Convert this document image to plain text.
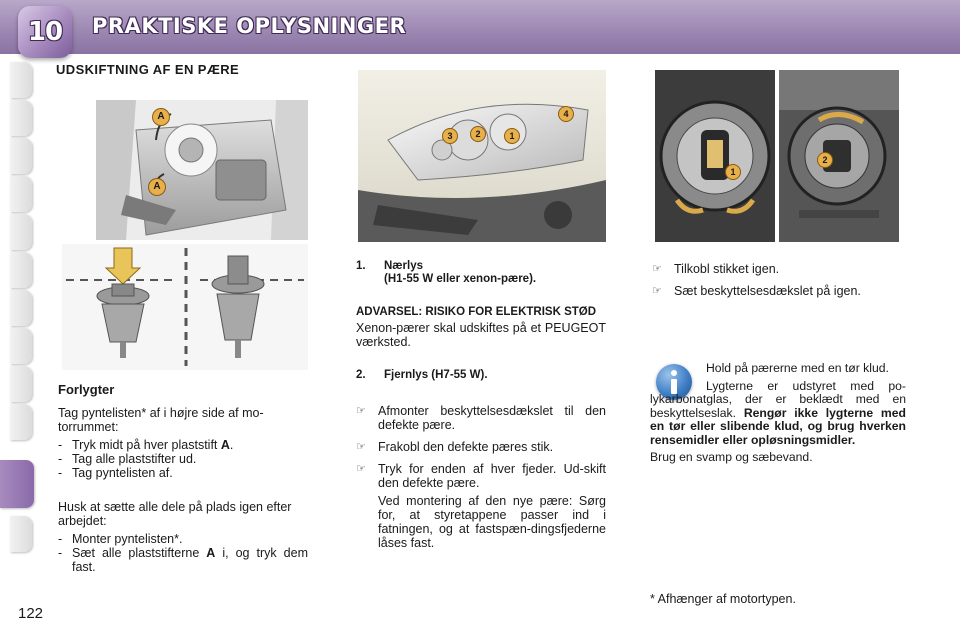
10 PRAKTISKE OPLYSNINGER
UDSKIFTNING AF EN PÆRE
A
A
3	2	1
4
1
2
Forlygter
Tag pyntelisten* af i højre side af mo-torrummet:
- Tryk midt på hver plaststift A.
- Tag alle plaststifter ud.
- Tag pyntelisten af.
Husk at sætte alle dele på plads igen efter arbejdet:
- Monter pyntelisten*.
- Sæt alle plaststifterne A i, og tryk dem fast.
1. Nærlys
(H1-55 W eller xenon-pære).
ADVARSEL: RISIKO FOR ELEKTRISK STØD
Xenon-pærer skal udskiftes på et PEUGEOT værksted.
2. Fjernlys (H7-55 W).
☞ Afmonter beskyttelsesdækslet til den defekte pære.
☞ Frakobl den defekte pæres stik.
☞ Tryk for enden af hver fjeder. Ud-skift den defekte pære.
Ved montering af den nye pære: Sørg for, at styretappene passer ind i fatningen, og at fastspæn-dingsfjederne låses fast.
☞ Tilkobl stikket igen.
☞ Sæt beskyttelsesdækslet på igen.
Hold på pærerne med en tør klud.
Lygterne er udstyret med po-lykarbonatglas, der er beklædt med en beskyttelseslak. Rengør ikke lygterne med en tør eller slibende klud, og brug hverken rensemidler eller opløsningsmidler.
Brug en svamp og sæbevand.
* Afhænger af motortypen.
122
